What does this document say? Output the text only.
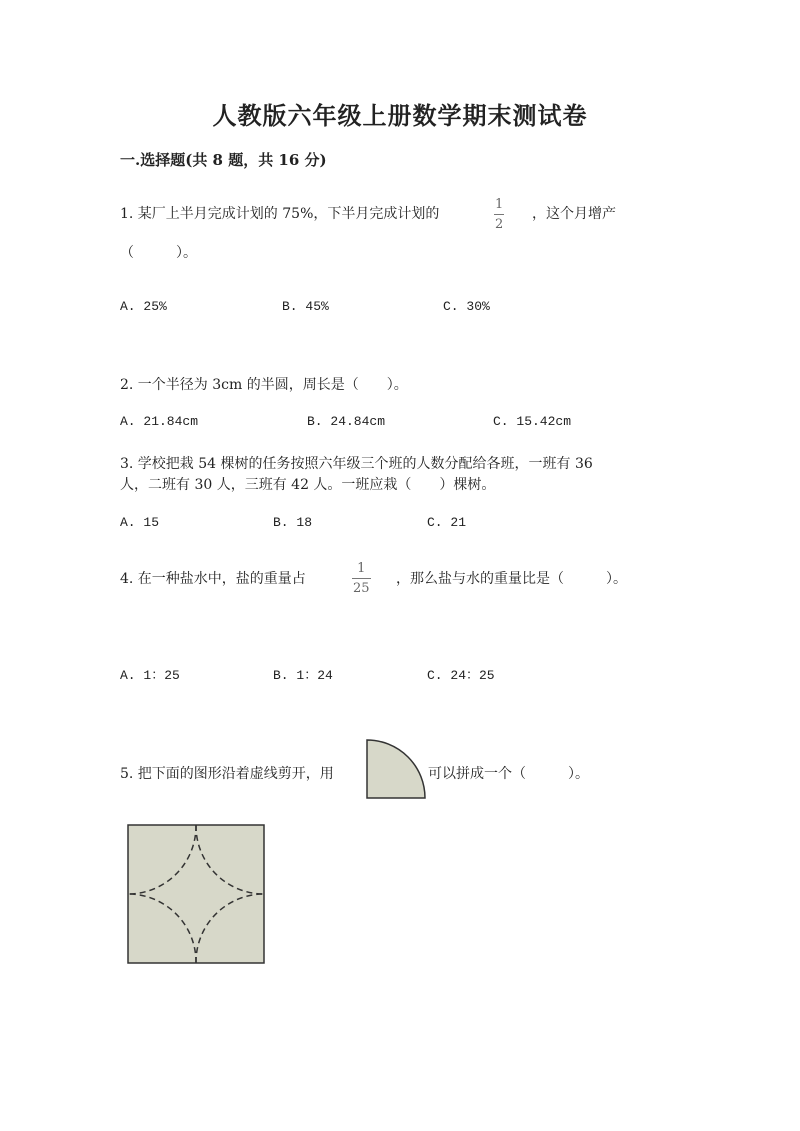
人教版六年级上册数学期末测试卷
一.选择题(共 8 题，共 16 分)
1. 某厂上半月完成计划的 75%，下半月完成计划的
1
2
，这个月增产
（　　　）。
A. 25%	B. 45%	C. 30%
2. 一个半径为 3cm 的半圆，周长是（　　）。
A. 21.84cm	B. 24.84cm	C. 15.42cm
3. 学校把栽 54 棵树的任务按照六年级三个班的人数分配给各班，一班有 36
人，二班有 30 人，三班有 42 人。一班应栽（　　）棵树。
A. 15	B. 18	C. 21
4. 在一种盐水中，盐的重量占
1
25
，那么盐与水的重量比是（　　　）。
A. 1：25	B. 1：24	C. 24：25
5. 把下面的图形沿着虚线剪开，用	可以拼成一个（　　　）。
